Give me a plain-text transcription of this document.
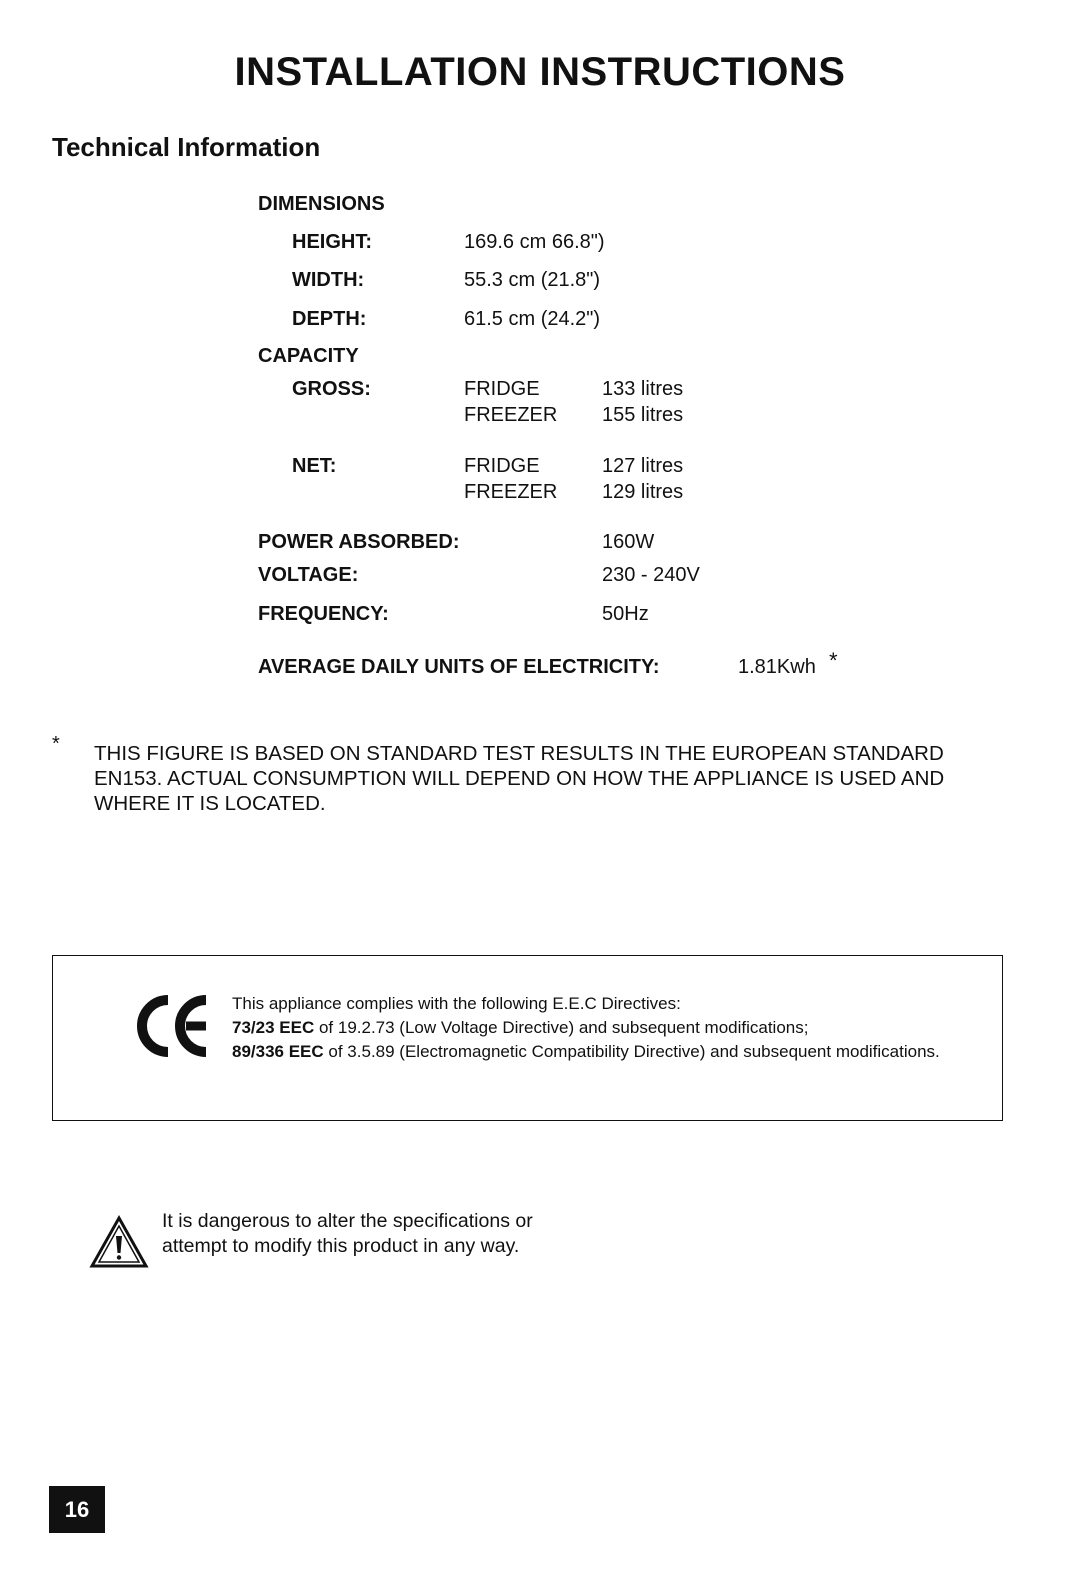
INSTALLATION INSTRUCTIONS
Technical Information
DIMENSIONS
HEIGHT:	169.6 cm 66.8")
WIDTH:	55.3 cm (21.8")
DEPTH:	61.5 cm (24.2")
CAPACITY
GROSS:	FRIDGE	133 litres
FREEZER 155 litres
NET:	FRIDGE	127 litres
FREEZER 129 litres
POWER ABSORBED:	160W
VOLTAGE:	230 - 240V
FREQUENCY:	50Hz
AVERAGE DAILY UNITS OF ELECTRICITY:	1.81Kwh *
* THIS FIGURE IS BASED ON STANDARD TEST RESULTS IN THE EUROPEAN STANDARD EN153. ACTUAL CONSUMPTION WILL DEPEND ON HOW THE APPLIANCE IS USED AND WHERE IT IS LOCATED.
This appliance complies with the following E.E.C Directives:
73/23 EEC of 19.2.73 (Low Voltage Directive) and subsequent modifications;
89/336 EEC of 3.5.89 (Electromagnetic Compatibility Directive) and subsequent modifications.
It is dangerous to alter the specifications or attempt to modify this product in any way.
16
